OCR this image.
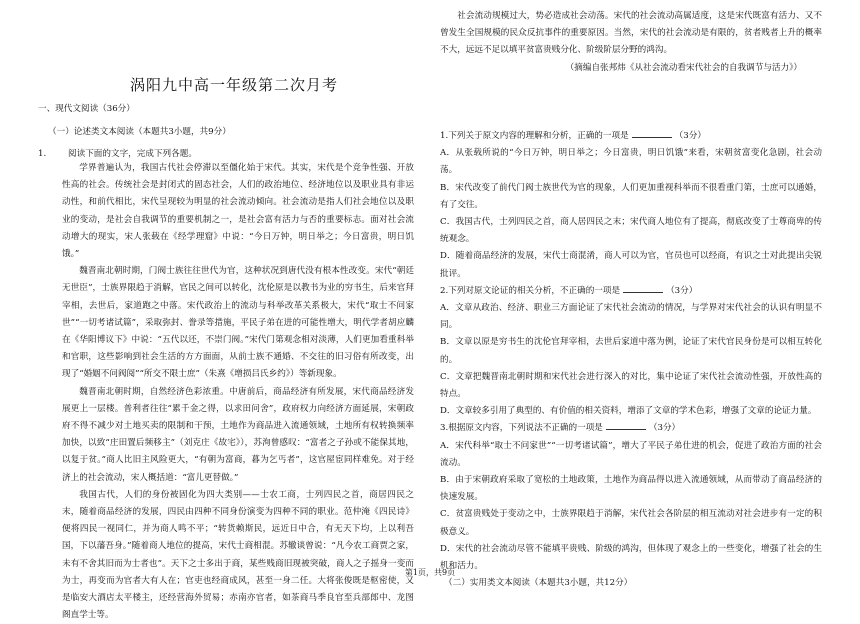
涡阳九中高一年级第二次月考

一、现代文阅读（36分）

（一）论述类文本阅读（本题共3小题，共9分）

1.	阅读下面的文字，完成下列各题。

学界普遍认为，我国古代社会停滞以至僵化始于宋代。其实，宋代是个竞争性强、开放性高的社会。传统社会是封闭式的固态社会，人们的政治地位、经济地位以及职业具有非运动性，和前代相比，宋代呈现较为明显的社会流动倾向。社会流动是指人们社会地位以及职业的变动，是社会自我调节的重要机制之一，是社会富有活力与否的重要标志。面对社会流动增大的现实，宋人张载在《经学理窟》中说：“今日万钟，明日举之；今日富贵，明日饥饿。”

魏晋南北朝时期，门阀士族往往世代为官，这种状况到唐代没有根本性改变。宋代“朝廷无世臣”，士族界限趋于消解，官民之间可以转化，沈伦原是以教书为业的穷书生，后来官拜宰相，去世后，家道跑之中落。宋代政治上的流动与科举改革关系极大，宋代“取士不问家世”“一切考诸试篇”，采取弥封、誊录等措施，平民子弟在进的可能性增大，明代学者胡应麟在《华阳博议下》中说：“五代以还，不崇门阀。”宋代门第观念相对淡薄，人们更加看重科举和官职，这些影响到社会生活的方方面面，从前士族不通婚、不交往的旧习俗有所改变，出现了“婚姻不问阀阅”“所交不限士庶”（朱熹《增损吕氏乡约》）等新现象。

魏晋南北朝时期，自然经济色彩浓重。中唐前后，商品经济有所发展，宋代商品经济发展更上一层楼。普利者往往“累千金之得，以求田问舍”，政府权力向经济方面延展，宋朝政府不得不减少对土地买卖的限制和干预，土地作为商品进入流通领域，土地所有权转换频率加快，以致“庄田置后频移主”（刘克庄《故宅》），苏洵曾感叹：“富者之子孙或不能保其地，以复于贫。”商人比旧主风险更大，“有朝为富商，暮为乞丐者”，这官屋宦同样难免。对于经济上的社会流动，宋人概括道：“富儿更替做。”

我国古代，人们的身份被固化为四大类别——士农工商，士列四民之首，商居四民之末，随着商品经济的发展，四民由四种不同身份演变为四种不同的职业。范仲淹《四民诗》便将四民一视同仁，并为商人鸣不平；“转货赖斯民，远近日中合，有无天下均，上以利吾国，下以藩吾身。”随着商人地位的提高，宋代士商相混。苏辙谈曾说：“凡今农工商贾之家，未有不舍其旧而为士者也”。天下之士多出于商，某些贱商旧现被突破，商人之子摇身一变而为士，再变而为官者大有人在；官吏也经商成风，甚至一身二任。大将张俊既是枢密使，又是临安大酒店太平楼主，还经营海外贸易；赤南亦官者，如茶商马季良官至兵部郎中、龙图阁直学士等。

社会流动规模过大，势必造成社会动荡。宋代的社会流动高属适度，这是宋代既富有活力、又不曾发生全国规模的民众反抗事件的重要原因。当然，宋代的社会流动是有限的，贫者贱者上升的概率不大，远远不足以填平贫富贵贱分化、阶级阶层分野的鸿沟。

（摘编自张邦炜《从社会流动看宋代社会的自我调节与活力》）

1.下列关于原文内容的理解和分析，正确的一项是	（3分）

A．从张载所说的“今日万钟，明日举之；今日富贵，明日饥饿”来看，宋朝贫富变化急剧，社会动荡。

B．宋代改变了前代门阀士族世代为官的现象，人们更加重视科举而不很看重门第，士庶可以通婚，有了交往。

C．我国古代，士列四民之首，商人居四民之末；宋代商人地位有了提高，彻底改变了士尊商卑的传统观念。

D．随着商品经济的发展，宋代士商混淆，商人可以为官，官员也可以经商，有识之士对此提出尖锐批评。

2.下列对原文论证的相关分析，不正确的一项是	（3分）

A．文章从政治、经济、职业三方面论证了宋代社会流动的情况，与学界对宋代社会的认识有明显不同。

B．文章以原是穷书生的沈伦官拜宰相，去世后家道中落为例，论证了宋代官民身份是可以相互转化的。

C．文章把魏晋南北朝时期和宋代社会进行深入的对比，集中论证了宋代社会流动性强，开放性高的特点。

D．文章较多引用了典型的、有价值的相关资料，增添了文章的学术色彩，增强了文章的论证力量。

3.根据原文内容，下列说法不正确的一项是	（3分）

A．宋代科举“取士不问家世”“一切考诸试篇”，增大了平民子弟仕进的机会，促进了政治方面的社会流动。

B．由于宋朝政府采取了宽松的土地政策，土地作为商品得以进入流通领域，从而带动了商品经济的快速发展。

C．贫富贵贱处于变动之中，士族界限趋于消解，宋代社会各阶层的相互流动对社会进步有一定的积极意义。

D．宋代的社会流动尽管不能填平贵贱、阶级的鸿沟，但体现了观念上的一些变化，增强了社会的生机和活力。

（二）实用类文本阅读（本题共3小题，共12分）

第1页，共9页
